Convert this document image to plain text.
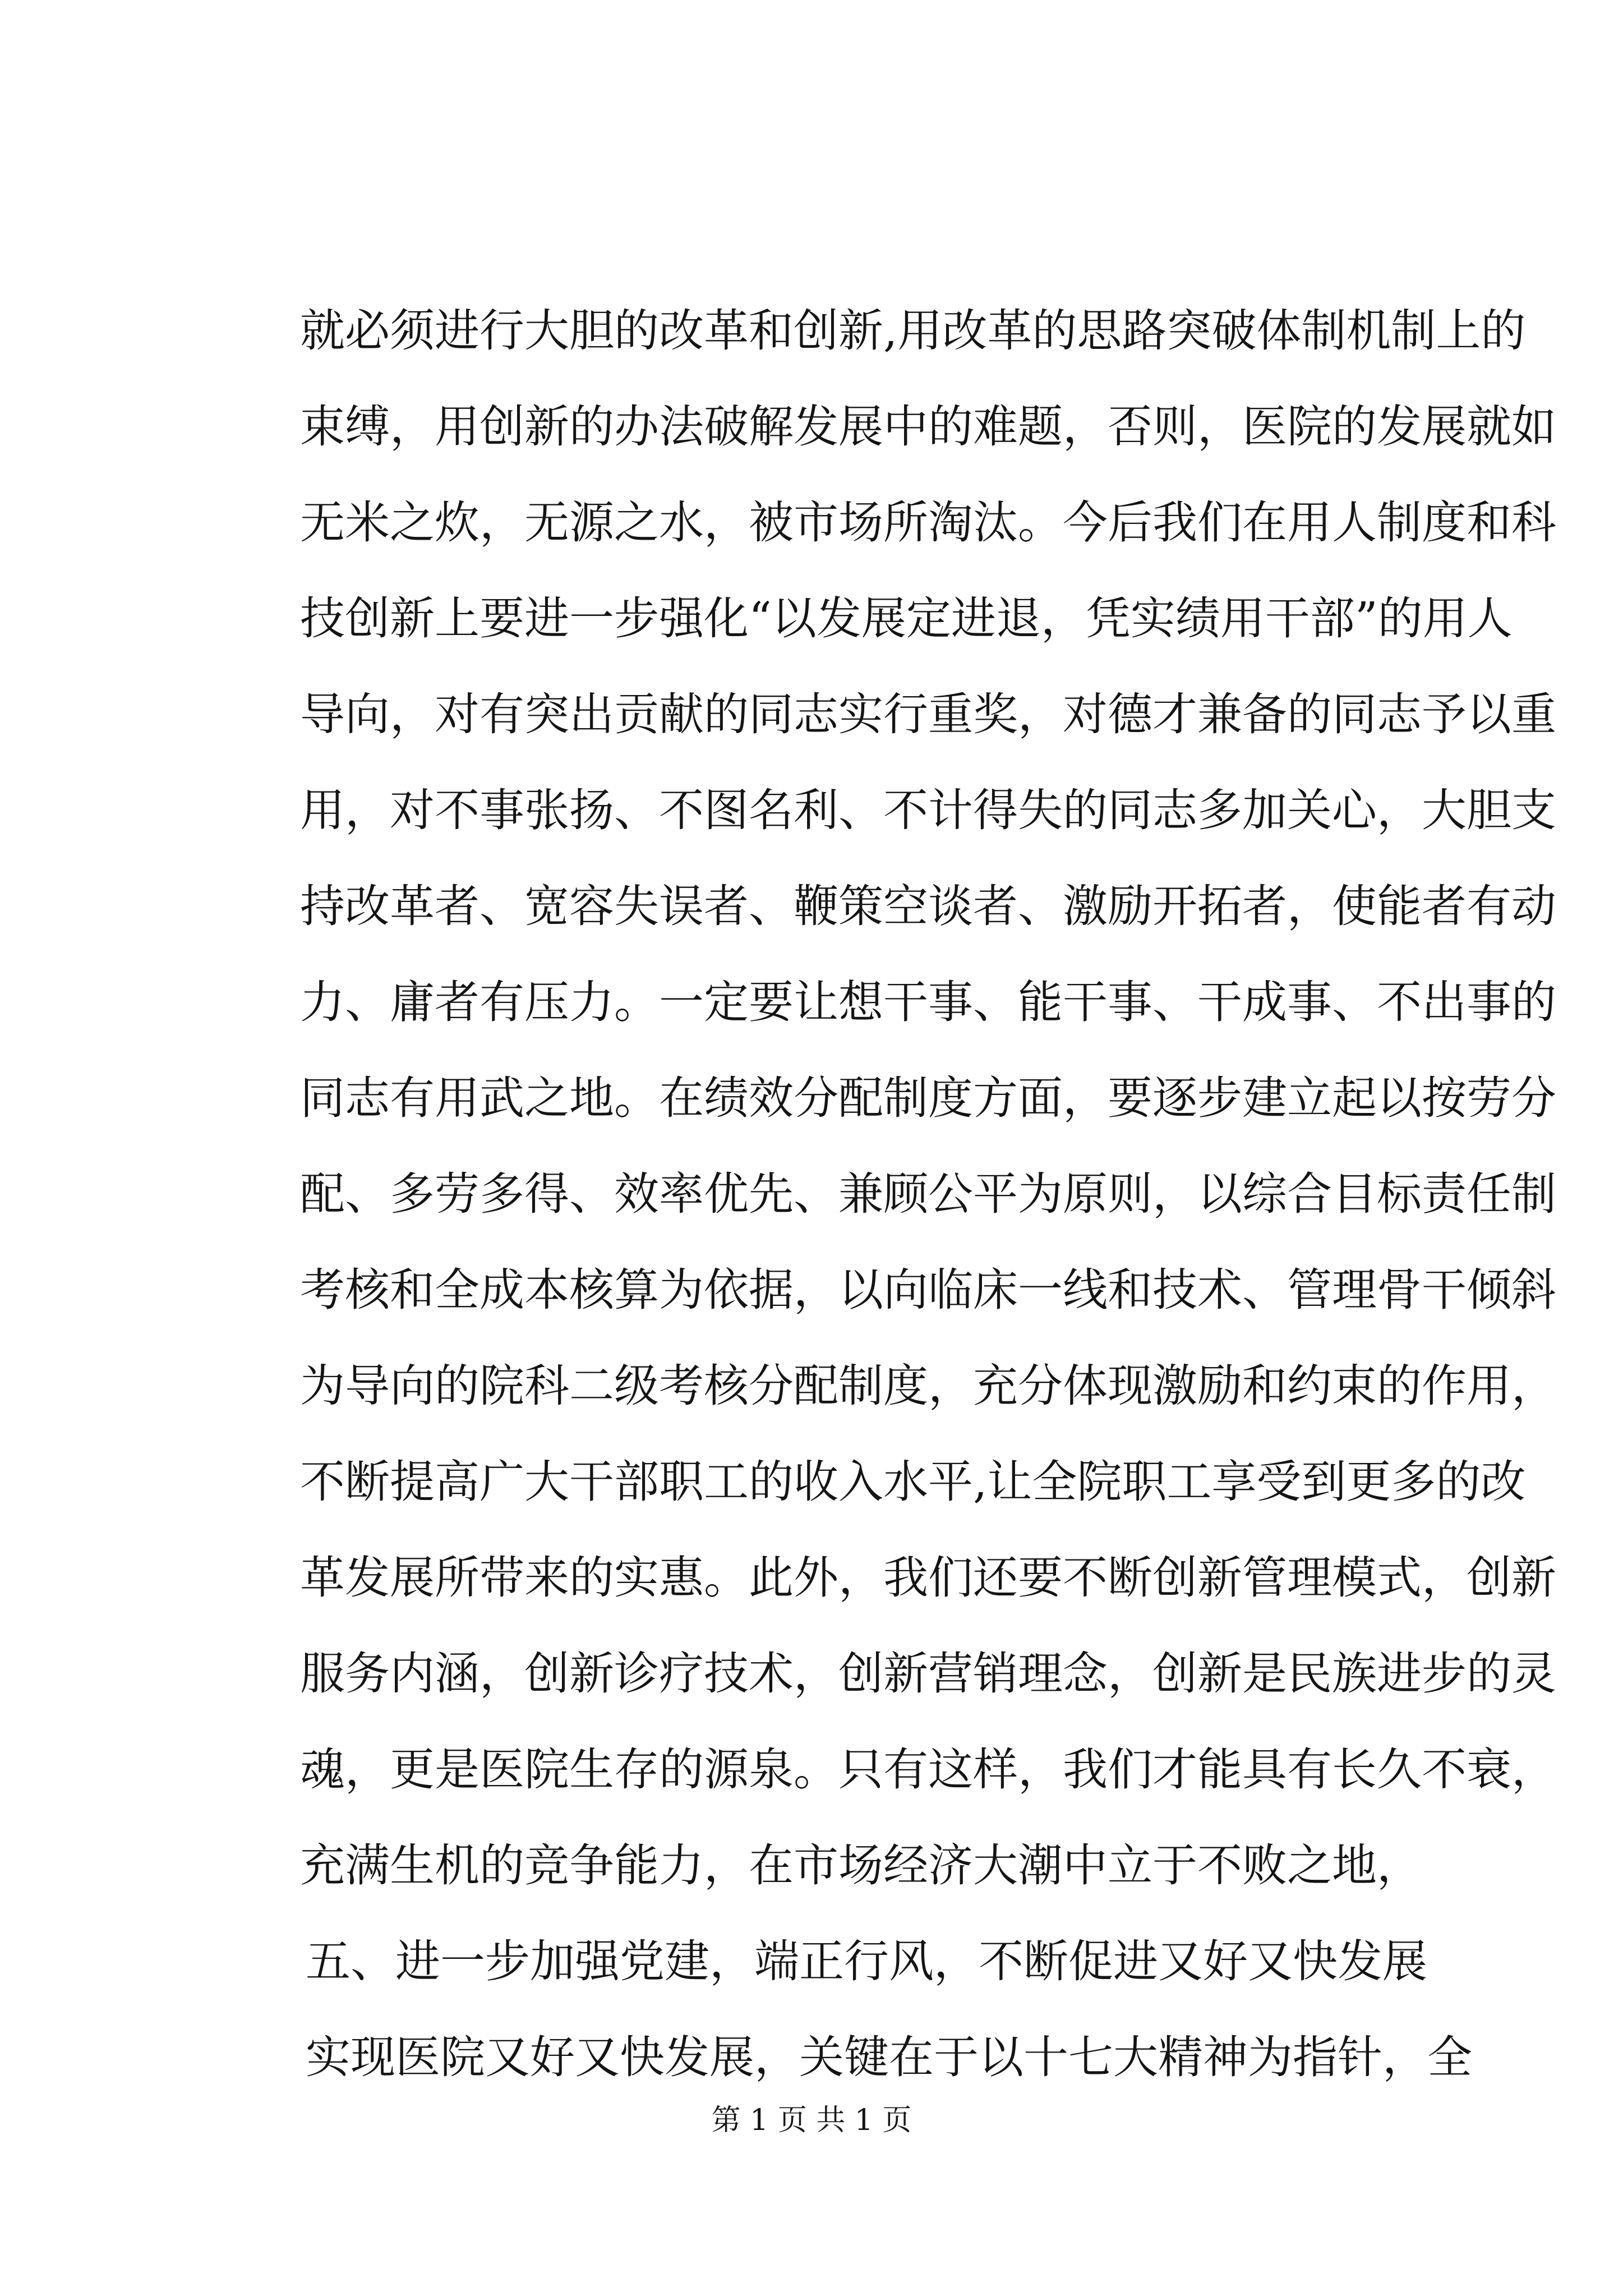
就必须进行大胆的改革和创新,用改革的思路突破体制机制上的
束缚，用创新的办法破解发展中的难题，否则，医院的发展就如
无米之炊，无源之水，被市场所淘汰。今后我们在用人制度和科
技创新上要进一步强化“以发展定进退，凭实绩用干部”的用人
导向，对有突出贡献的同志实行重奖，对德才兼备的同志予以重
用，对不事张扬、不图名利、不计得失的同志多加关心，大胆支
持改革者、宽容失误者、鞭策空谈者、激励开拓者，使能者有动
力、庸者有压力。一定要让想干事、能干事、干成事、不出事的
同志有用武之地。在绩效分配制度方面，要逐步建立起以按劳分
配、多劳多得、效率优先、兼顾公平为原则，以综合目标责任制
考核和全成本核算为依据，以向临床一线和技术、管理骨干倾斜
为导向的院科二级考核分配制度，充分体现激励和约束的作用，
不断提高广大干部职工的收入水平,让全院职工享受到更多的改
革发展所带来的实惠。此外，我们还要不断创新管理模式，创新
服务内涵，创新诊疗技术，创新营销理念，创新是民族进步的灵
魂，更是医院生存的源泉。只有这样，我们才能具有长久不衰，
充满生机的竞争能力，在市场经济大潮中立于不败之地，
五、进一步加强党建，端正行风，不断促进又好又快发展
实现医院又好又快发展，关键在于以十七大精神为指针，全
第 1 页 共 1 页
